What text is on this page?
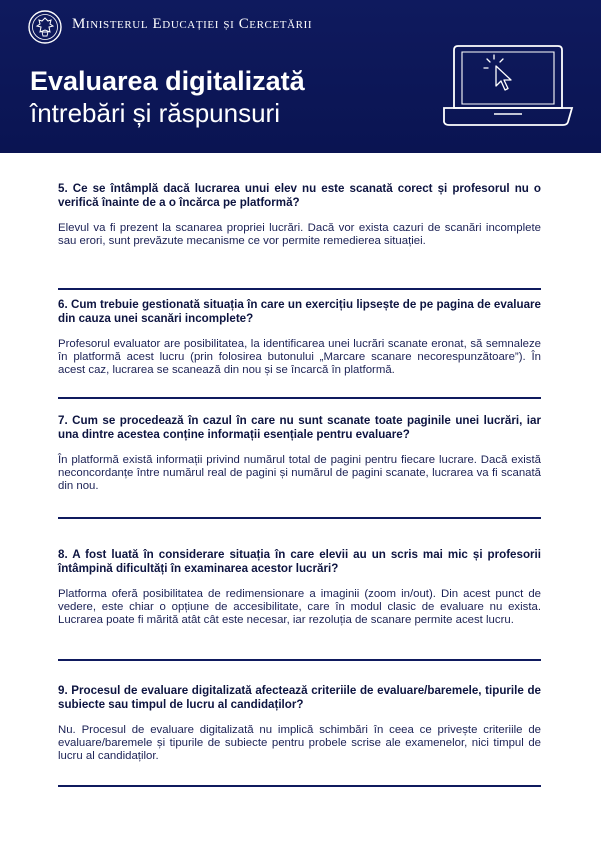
Ministerul Educației și Cercetării
Evaluarea digitalizată
întrebări și răspunsuri
5. Ce se întâmplă dacă lucrarea unui elev nu este scanată corect și profesorul nu o verifică înainte de a o încărca pe platformă?
Elevul va fi prezent la scanarea propriei lucrări. Dacă vor exista cazuri de scanări incomplete sau erori, sunt prevăzute mecanisme ce vor permite remedierea situației.
6. Cum trebuie gestionată situația în care un exercițiu lipsește de pe pagina de evaluare din cauza unei scanări incomplete?
Profesorul evaluator are posibilitatea, la identificarea unei lucrări scanate eronat, să semnaleze în platformă acest lucru (prin folosirea butonului „Marcare scanare necorespunzătoare”). În acest caz, lucrarea se scanează din nou și se încarcă în platformă.
7. Cum se procedează în cazul în care nu sunt scanate toate paginile unei lucrări, iar una dintre acestea conține informații esențiale pentru evaluare?
În platformă există informații privind numărul total de pagini pentru fiecare lucrare. Dacă există neconcordanțe între numărul real de pagini și numărul de pagini scanate, lucrarea va fi scanată din nou.
8. A fost luată în considerare situația în care elevii au un scris mai mic și profesorii întâmpină dificultăți în examinarea acestor lucrări?
Platforma oferă posibilitatea de redimensionare a imaginii (zoom in/out). Din acest punct de vedere, este chiar o opțiune de accesibilitate, care în modul clasic de evaluare nu exista. Lucrarea poate fi mărită atât cât este necesar, iar rezoluția de scanare permite acest lucru.
9. Procesul de evaluare digitalizată afectează criteriile de evaluare/baremele, tipurile de subiecte sau timpul de lucru al candidaților?
Nu. Procesul de evaluare digitalizată nu implică schimbări în ceea ce privește criteriile de evaluare/baremele și tipurile de subiecte pentru probele scrise ale examenelor, nici timpul de lucru al candidaților.
